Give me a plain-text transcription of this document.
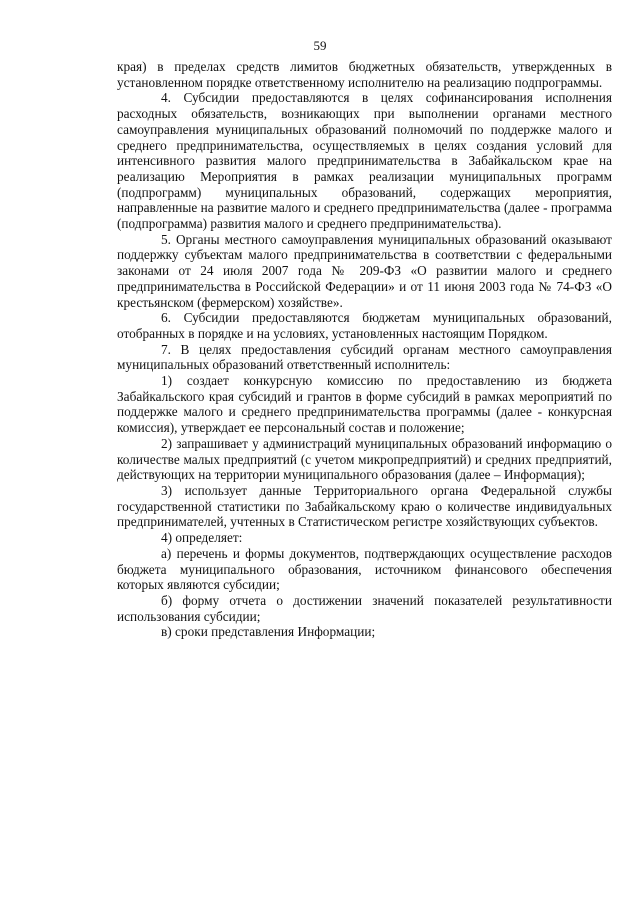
59

края) в пределах средств лимитов бюджетных обязательств, утвержденных в установленном порядке ответственному исполнителю на реализацию подпрограммы.

4. Субсидии предоставляются в целях софинансирования исполнения расходных обязательств, возникающих при выполнении органами местного самоуправления муниципальных образований полномочий по поддержке малого и среднего предпринимательства, осуществляемых в целях создания условий для интенсивного развития малого предпринимательства в Забайкальском крае на реализацию Мероприятия в рамках реализации муниципальных программ (подпрограмм) муниципальных образований, содержащих мероприятия, направленные на развитие малого и среднего предпринимательства (далее - программа (подпрограмма) развития малого и среднего предпринимательства).

5. Органы местного самоуправления муниципальных образований оказывают поддержку субъектам малого предпринимательства в соответствии с федеральными законами от 24 июля 2007 года № 209-ФЗ «О развитии малого и среднего предпринимательства в Российской Федерации» и от 11 июня 2003 года № 74-ФЗ «О крестьянском (фермерском) хозяйстве».

6. Субсидии предоставляются бюджетам муниципальных образований, отобранных в порядке и на условиях, установленных настоящим Порядком.

7. В целях предоставления субсидий органам местного самоуправления муниципальных образований ответственный исполнитель:

1) создает конкурсную комиссию по предоставлению из бюджета Забайкальского края субсидий и грантов в форме субсидий в рамках мероприятий по поддержке малого и среднего предпринимательства программы (далее - конкурсная комиссия), утверждает ее персональный состав и положение;

2) запрашивает у администраций муниципальных образований информацию о количестве малых предприятий (с учетом микропредприятий) и средних предприятий, действующих на территории муниципального образования (далее – Информация);

3) использует данные Территориального органа Федеральной службы государственной статистики по Забайкальскому краю о количестве индивидуальных предпринимателей, учтенных в Статистическом регистре хозяйствующих субъектов.

4) определяет:

а) перечень и формы документов, подтверждающих осуществление расходов бюджета муниципального образования, источником финансового обеспечения которых являются субсидии;

б) форму отчета о достижении значений показателей результативности использования субсидии;

в) сроки представления Информации;
